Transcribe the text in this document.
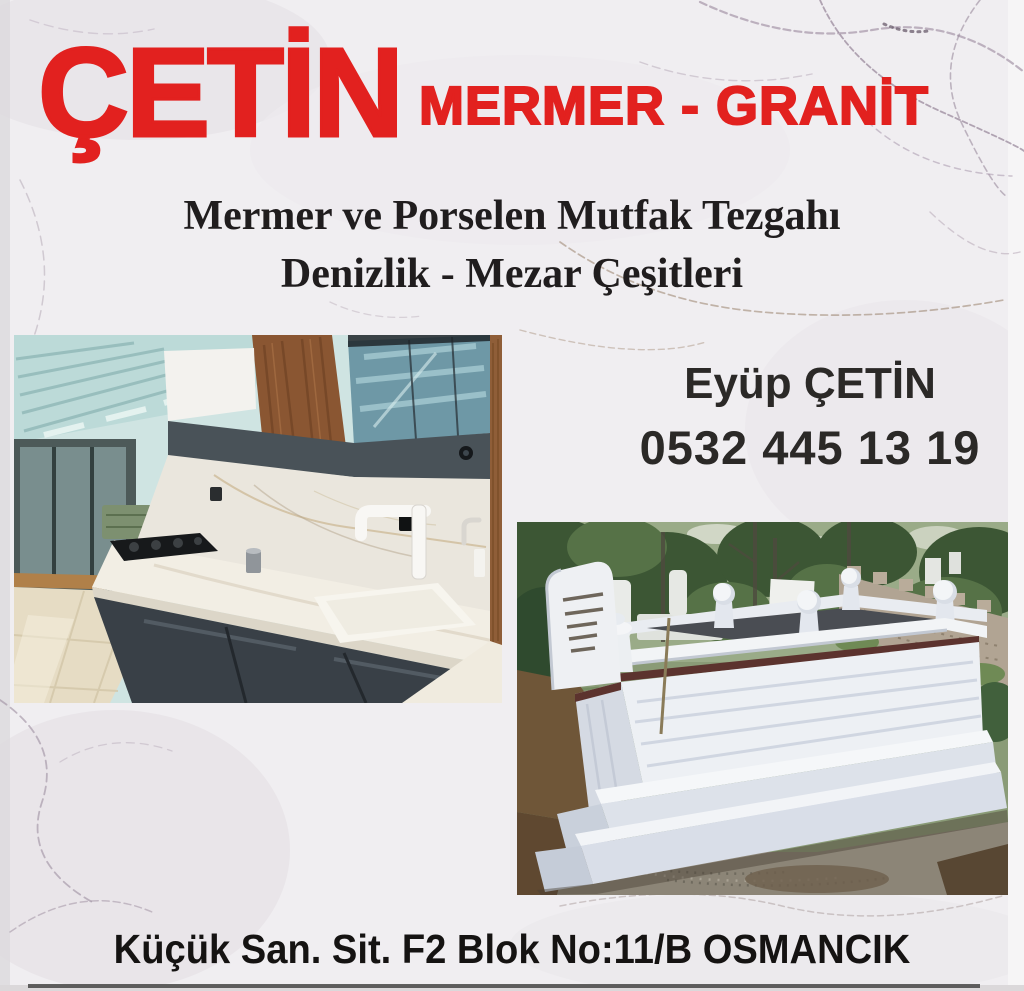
ÇETİN MERMER - GRANİT
Mermer ve Porselen Mutfak Tezgahı
Denizlik - Mezar Çeşitleri
Eyüp ÇETİN
0532 445 13 19
Küçük San. Sit. F2 Blok No:11/B OSMANCIK
